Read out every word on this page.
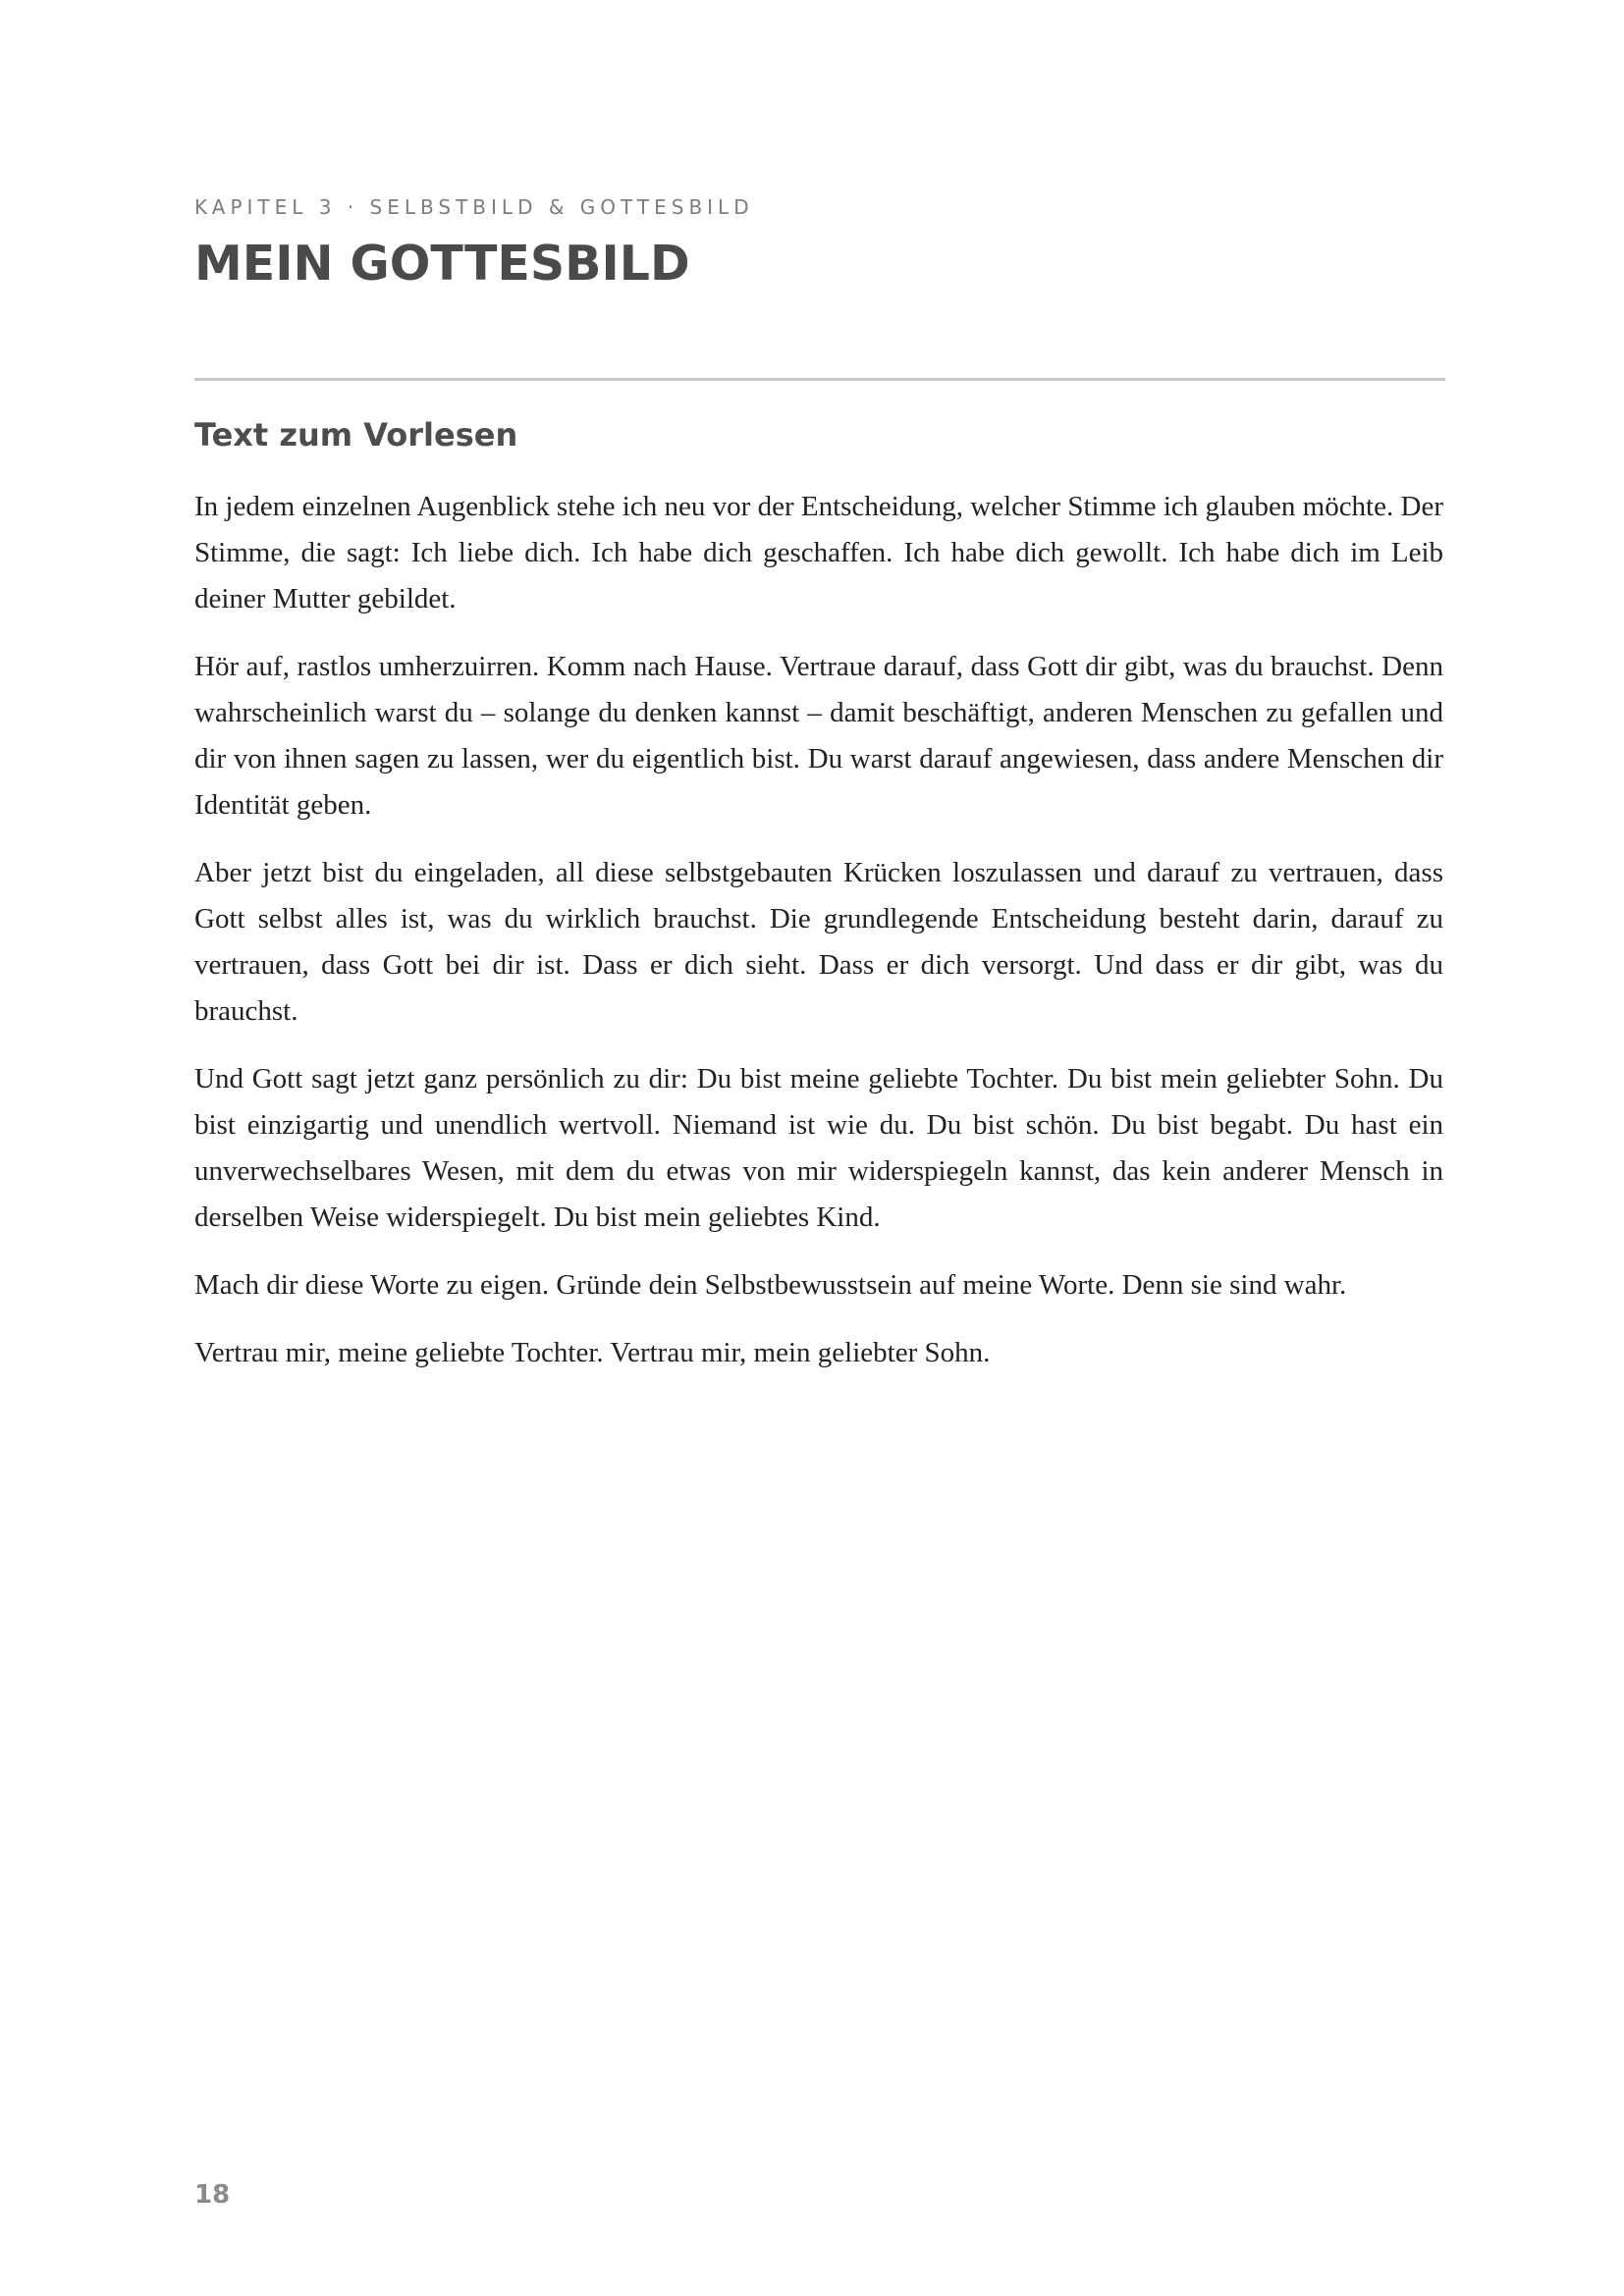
KAPITEL 3 · SELBSTBILD & GOTTESBILD
MEIN GOTTESBILD
Text zum Vorlesen

In jedem einzelnen Augenblick stehe ich neu vor der Entscheidung, welcher Stimme ich glauben möchte. Der Stimme, die sagt: Ich liebe dich. Ich habe dich geschaffen. Ich habe dich gewollt. Ich habe dich im Leib deiner Mutter gebildet.

Hör auf, rastlos umherzuirren. Komm nach Hause. Vertraue darauf, dass Gott dir gibt, was du brauchst. Denn wahrscheinlich warst du – solange du denken kannst – damit beschäftigt, anderen Menschen zu gefallen und dir von ihnen sagen zu lassen, wer du eigentlich bist. Du warst darauf angewiesen, dass andere Menschen dir Identität geben.

Aber jetzt bist du eingeladen, all diese selbstgebauten Krücken loszulassen und darauf zu vertrauen, dass Gott selbst alles ist, was du wirklich brauchst. Die grundlegende Entscheidung besteht darin, darauf zu vertrauen, dass Gott bei dir ist. Dass er dich sieht. Dass er dich versorgt. Und dass er dir gibt, was du brauchst.

Und Gott sagt jetzt ganz persönlich zu dir: Du bist meine geliebte Tochter. Du bist mein geliebter Sohn. Du bist einzigartig und unendlich wertvoll. Niemand ist wie du. Du bist schön. Du bist begabt. Du hast ein unverwechselbares Wesen, mit dem du etwas von mir widerspiegeln kannst, das kein anderer Mensch in derselben Weise widerspiegelt. Du bist mein geliebtes Kind.

Mach dir diese Worte zu eigen. Gründe dein Selbstbewusstsein auf meine Worte. Denn sie sind wahr.

Vertrau mir, meine geliebte Tochter. Vertrau mir, mein geliebter Sohn.

18
